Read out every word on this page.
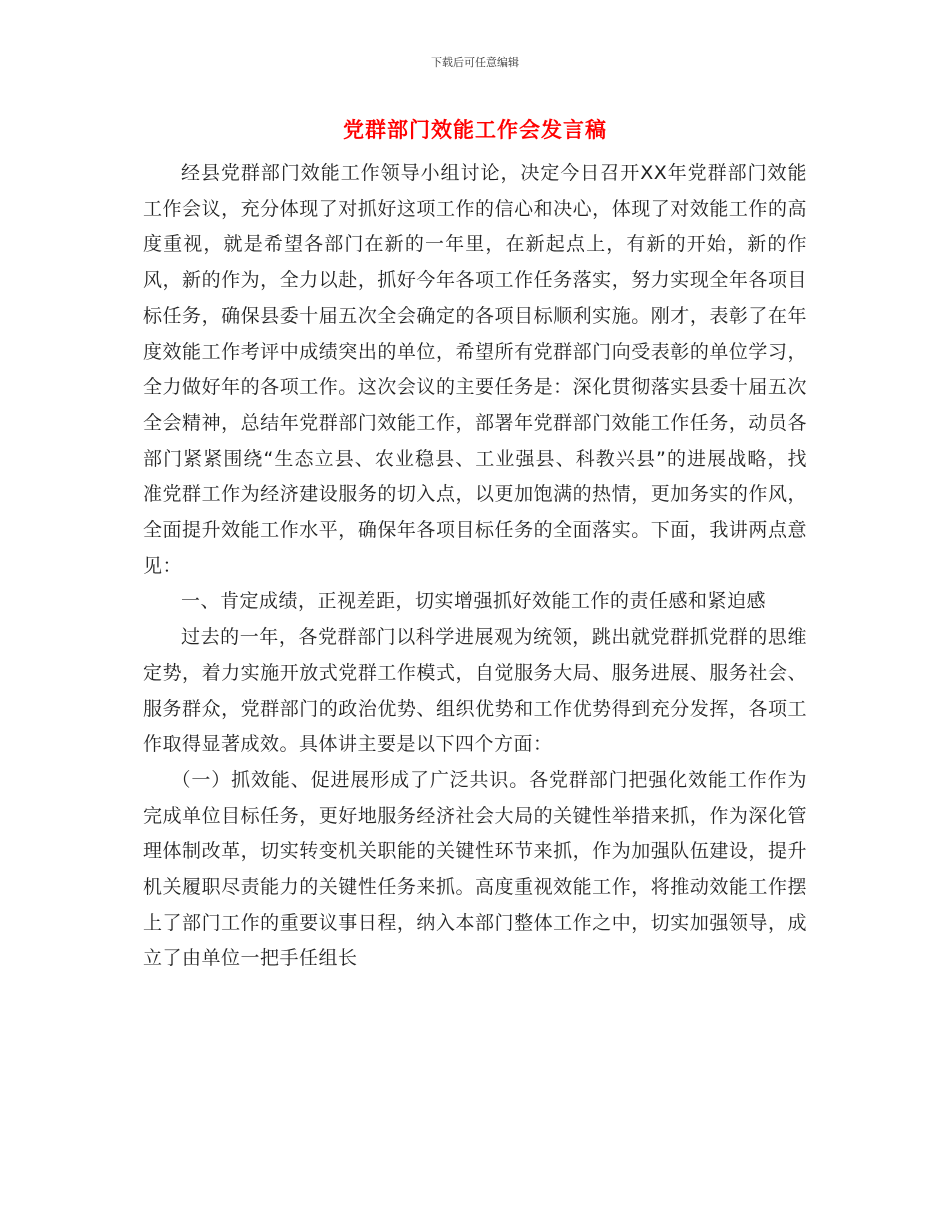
下载后可任意编辑
党群部门效能工作会发言稿

经县党群部门效能工作领导小组讨论，决定今日召开XX年党群部门效能工作会议，充分体现了对抓好这项工作的信心和决心，体现了对效能工作的高度重视，就是希望各部门在新的一年里，在新起点上，有新的开始，新的作风，新的作为，全力以赴，抓好今年各项工作任务落实，努力实现全年各项目标任务，确保县委十届五次全会确定的各项目标顺利实施。刚才，表彰了在年度效能工作考评中成绩突出的单位，希望所有党群部门向受表彰的单位学习，全力做好年的各项工作。这次会议的主要任务是：深化贯彻落实县委十届五次全会精神，总结年党群部门效能工作，部署年党群部门效能工作任务，动员各部门紧紧围绕“生态立县、农业稳县、工业强县、科教兴县”的进展战略，找准党群工作为经济建设服务的切入点，以更加饱满的热情，更加务实的作风，全面提升效能工作水平，确保年各项目标任务的全面落实。下面，我讲两点意见：

一、肯定成绩，正视差距，切实增强抓好效能工作的责任感和紧迫感

过去的一年，各党群部门以科学进展观为统领，跳出就党群抓党群的思维定势，着力实施开放式党群工作模式，自觉服务大局、服务进展、服务社会、服务群众，党群部门的政治优势、组织优势和工作优势得到充分发挥，各项工作取得显著成效。具体讲主要是以下四个方面：

（一）抓效能、促进展形成了广泛共识。各党群部门把强化效能工作作为完成单位目标任务，更好地服务经济社会大局的关键性举措来抓，作为深化管理体制改革，切实转变机关职能的关键性环节来抓，作为加强队伍建设，提升机关履职尽责能力的关键性任务来抓。高度重视效能工作，将推动效能工作摆上了部门工作的重要议事日程，纳入本部门整体工作之中，切实加强领导，成立了由单位一把手任组长
